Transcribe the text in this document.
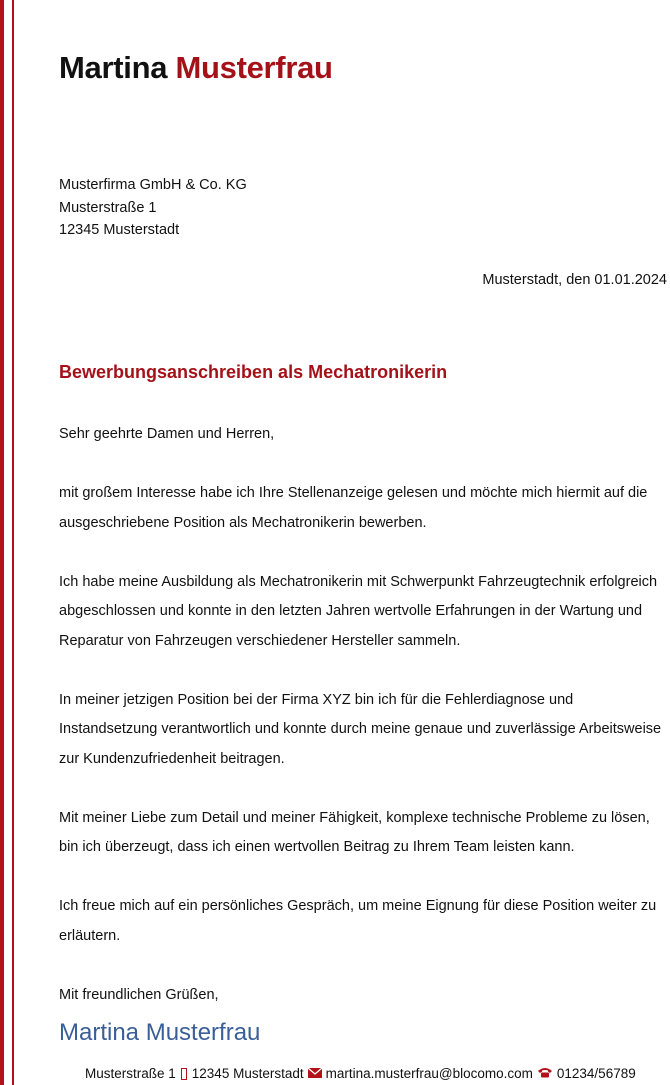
Martina Musterfrau
Musterfirma GmbH & Co. KG
Musterstraße 1
12345 Musterstadt
Musterstadt, den 01.01.2024
Bewerbungsanschreiben als Mechatronikerin

Sehr geehrte Damen und Herren,

mit großem Interesse habe ich Ihre Stellenanzeige gelesen und möchte mich hiermit auf die ausgeschriebene Position als Mechatronikerin bewerben.

Ich habe meine Ausbildung als Mechatronikerin mit Schwerpunkt Fahrzeugtechnik erfolgreich abgeschlossen und konnte in den letzten Jahren wertvolle Erfahrungen in der Wartung und Reparatur von Fahrzeugen verschiedener Hersteller sammeln.

In meiner jetzigen Position bei der Firma XYZ bin ich für die Fehlerdiagnose und Instandsetzung verantwortlich und konnte durch meine genaue und zuverlässige Arbeitsweise zur Kundenzufriedenheit beitragen.

Mit meiner Liebe zum Detail und meiner Fähigkeit, komplexe technische Probleme zu lösen, bin ich überzeugt, dass ich einen wertvollen Beitrag zu Ihrem Team leisten kann.

Ich freue mich auf ein persönliches Gespräch, um meine Eignung für diese Position weiter zu erläutern.

Mit freundlichen Grüßen,

Martina Musterfrau
Musterstraße 1 12345 Musterstadt martina.musterfrau@blocomo.com 01234/56789
